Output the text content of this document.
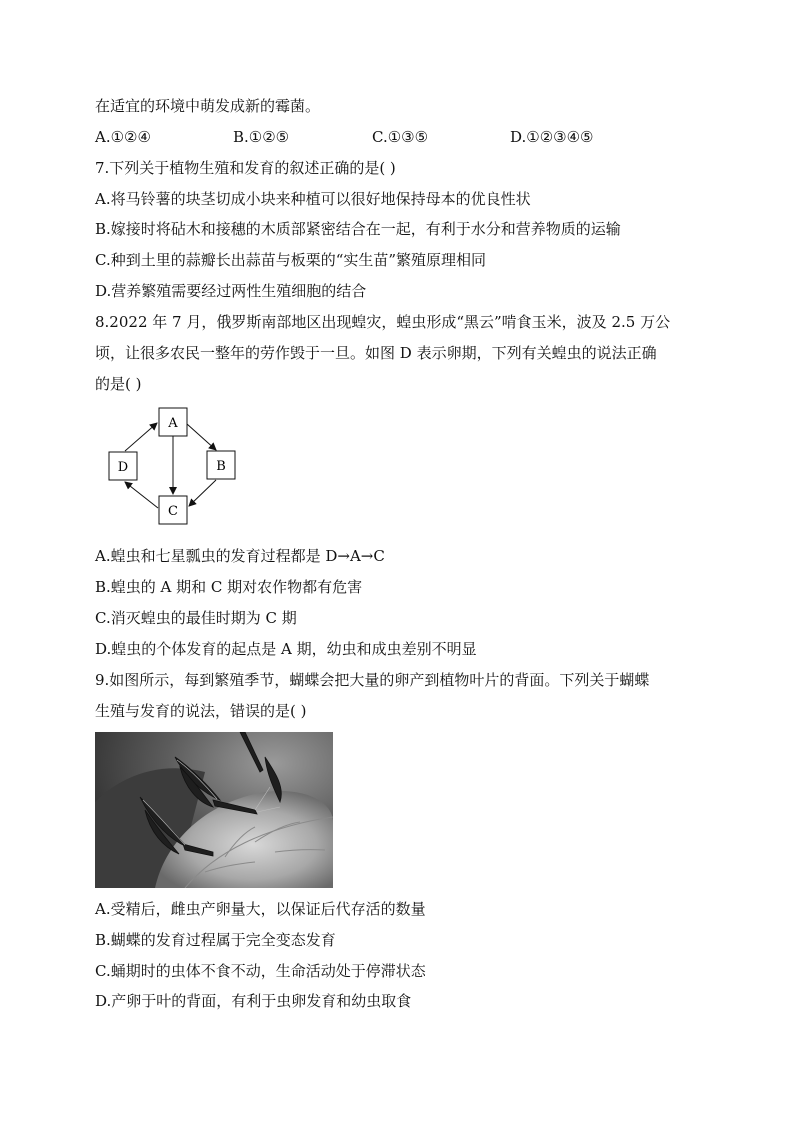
在适宜的环境中萌发成新的霉菌。
A.①②④	B.①②⑤	C.①③⑤	D.①②③④⑤
7.下列关于植物生殖和发育的叙述正确的是( )
A.将马铃薯的块茎切成小块来种植可以很好地保持母本的优良性状
B.嫁接时将砧木和接穗的木质部紧密结合在一起，有利于水分和营养物质的运输
C.种到土里的蒜瓣长出蒜苗与板栗的“实生苗”繁殖原理相同
D.营养繁殖需要经过两性生殖细胞的结合
8.2022 年 7 月，俄罗斯南部地区出现蝗灾，蝗虫形成“黑云”啃食玉米，波及 2.5 万公
顷，让很多农民一整年的劳作毁于一旦。如图 D 表示卵期，下列有关蝗虫的说法正确
的是( )
A
B
C
D
A.蝗虫和七星瓢虫的发育过程都是 D→A→C
B.蝗虫的 A 期和 C 期对农作物都有危害
C.消灭蝗虫的最佳时期为 C 期
D.蝗虫的个体发育的起点是 A 期，幼虫和成虫差别不明显
9.如图所示，每到繁殖季节，蝴蝶会把大量的卵产到植物叶片的背面。下列关于蝴蝶
生殖与发育的说法，错误的是( )
A.受精后，雌虫产卵量大，以保证后代存活的数量
B.蝴蝶的发育过程属于完全变态发育
C.蛹期时的虫体不食不动，生命活动处于停滞状态
D.产卵于叶的背面，有利于虫卵发育和幼虫取食
